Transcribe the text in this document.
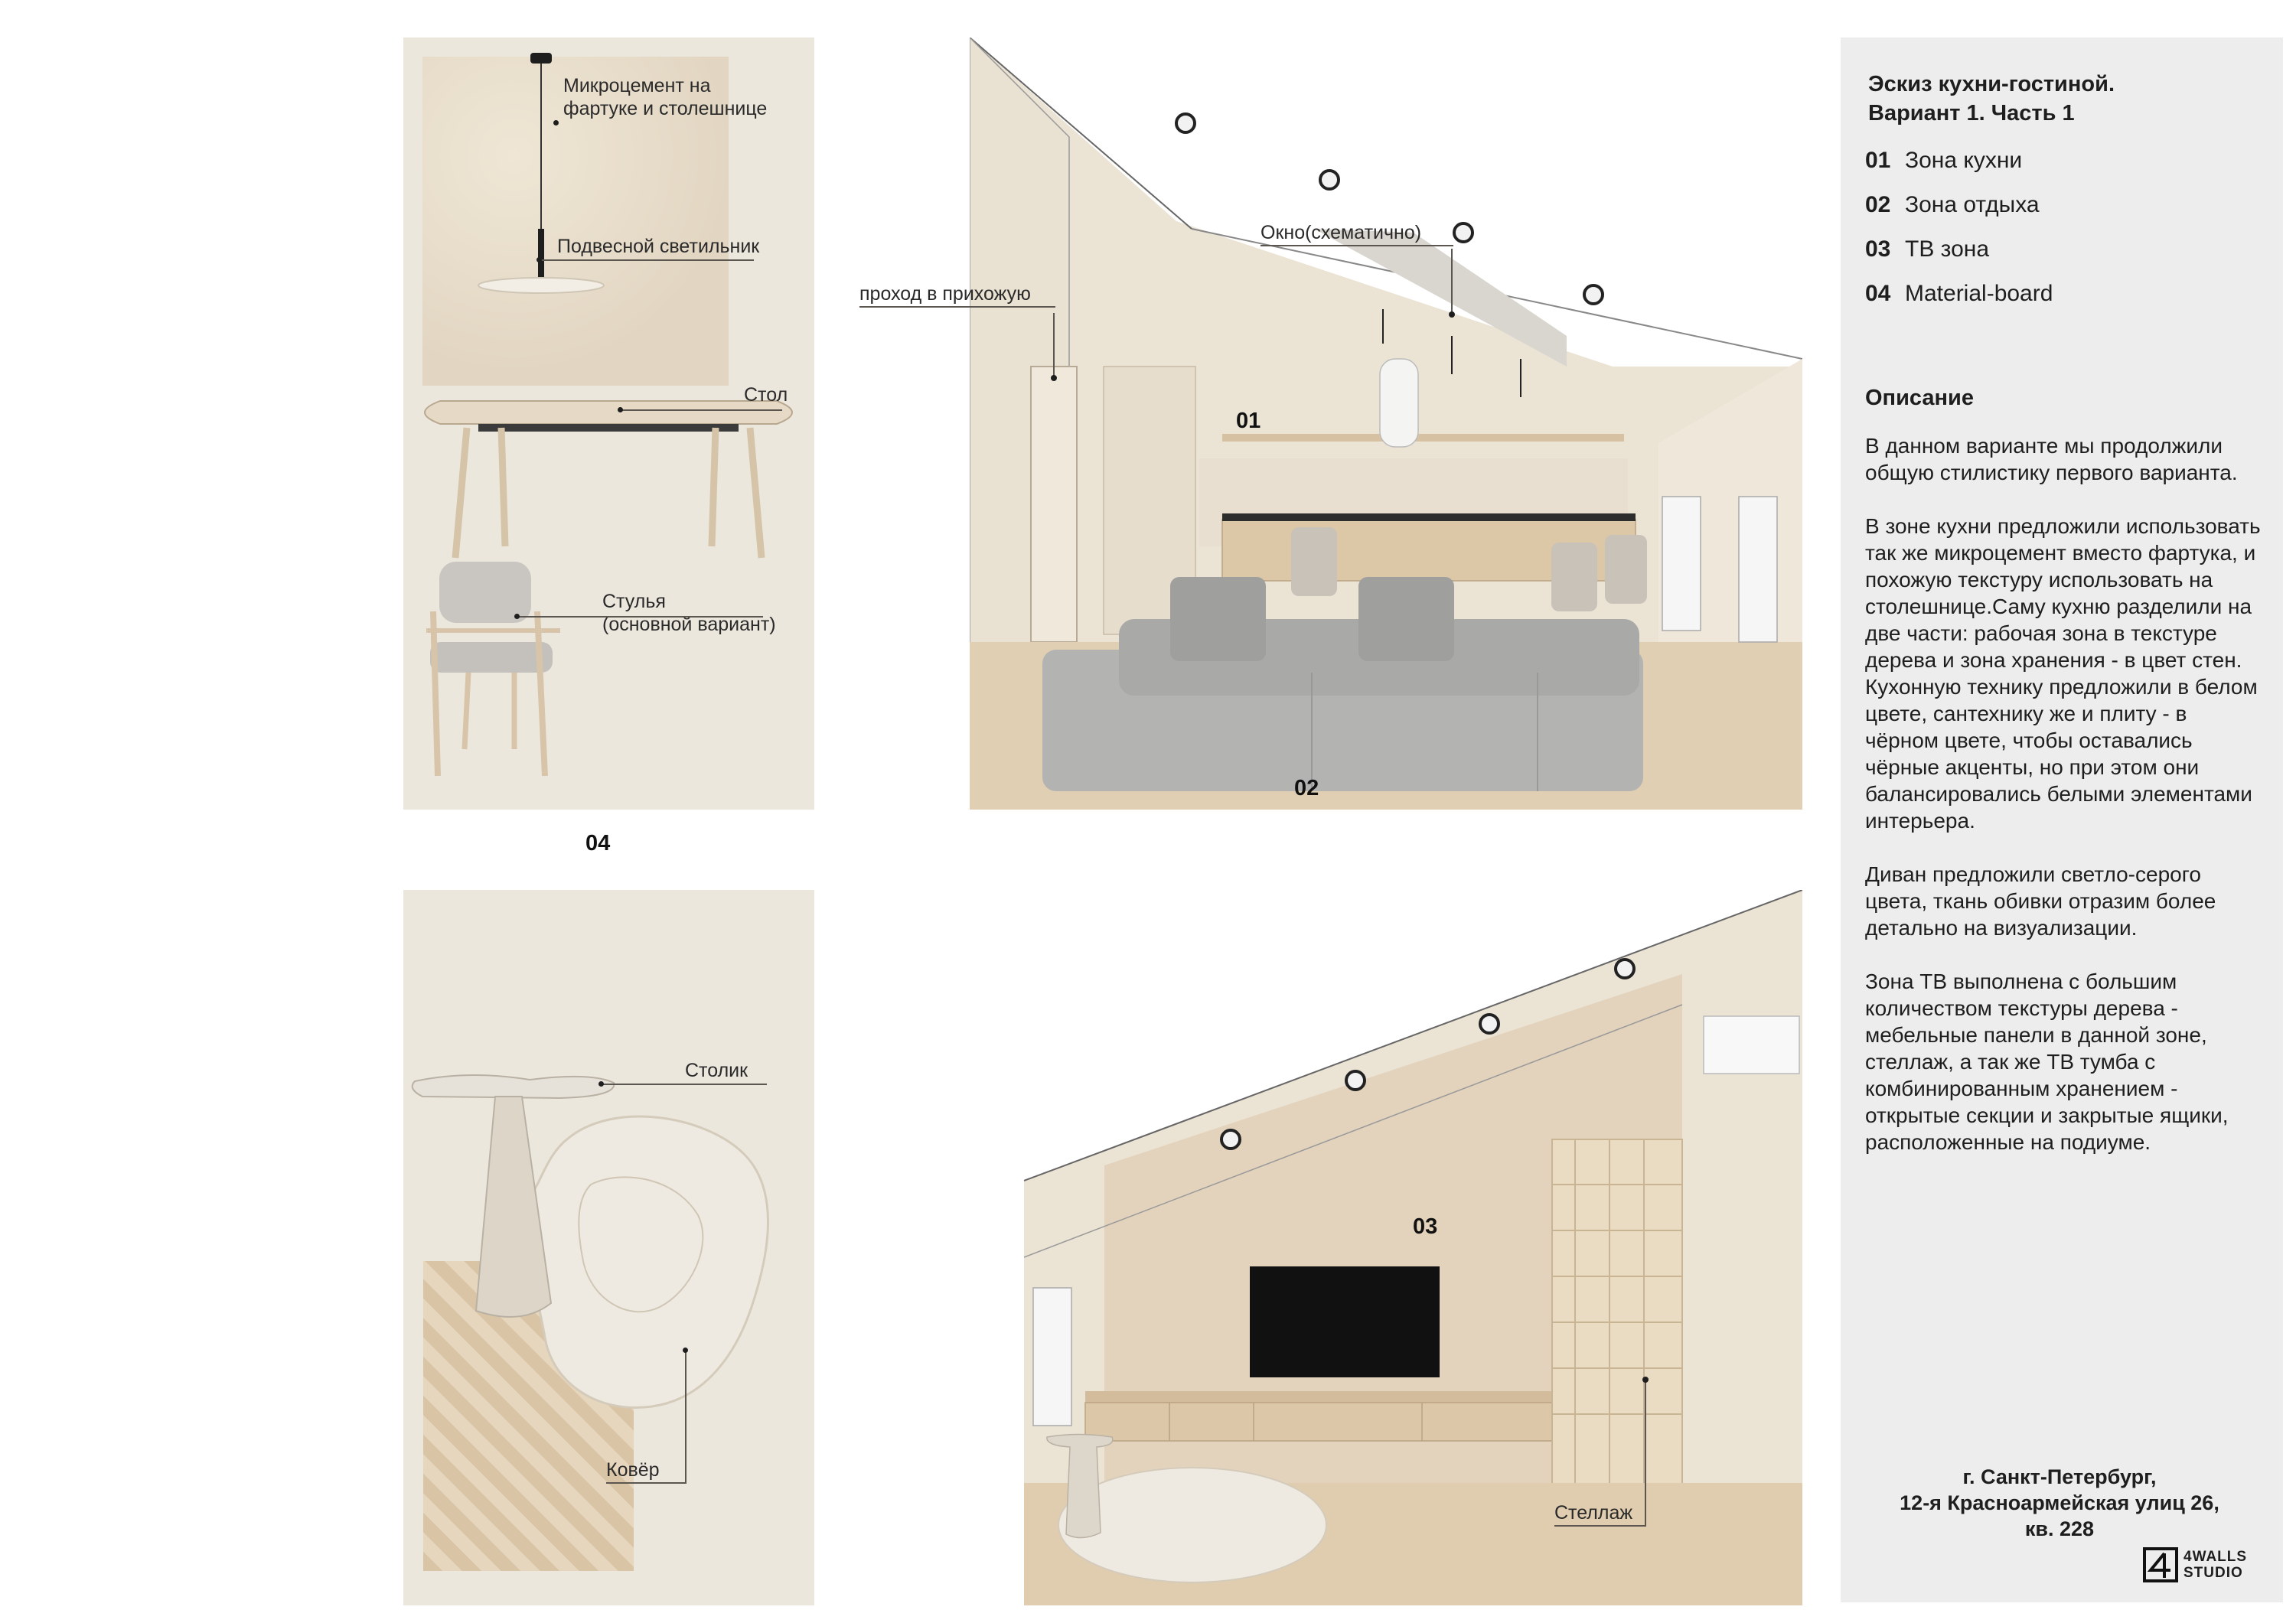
Микроцемент на
фартуке и столешнице
Подвесной светильник
Стол
Стулья
(основной вариант)
04
Столик
Ковёр
проход в прихожую
Окно(схематично)
01
02
03
Стеллаж
Эскиз кухни-гостиной.
Вариант 1. Часть 1
01 Зона кухни
02 Зона отдыха
03 ТВ зона
04 Material-board
Описание

В данном варианте мы продолжили общую стилистику первого варианта.

В зоне кухни предложили использовать так же микроцемент вместо фартука, и похожую текстуру использовать на столешнице.Саму кухню разделили на две части: рабочая зона в текстуре дерева и зона хранения - в цвет стен. Кухонную технику предложили в белом цвете, сантехнику же и плиту - в чёрном цвете, чтобы оставались чёрные акценты, но при этом они балансировались белыми элементами интерьера.

Диван предложили светло-серого цвета, ткань обивки отразим более детально на визуализации.

Зона ТВ выполнена с большим количеством текстуры дерева - мебельные панели в данной зоне, стеллаж, а так же ТВ тумба с комбинированным хранением - открытые секции и закрытые ящики, расположенные на подиуме.

г. Санкт-Петербург,
12-я Красноармейская улиц 26,
кв. 228
4WALLS
STUDIO
